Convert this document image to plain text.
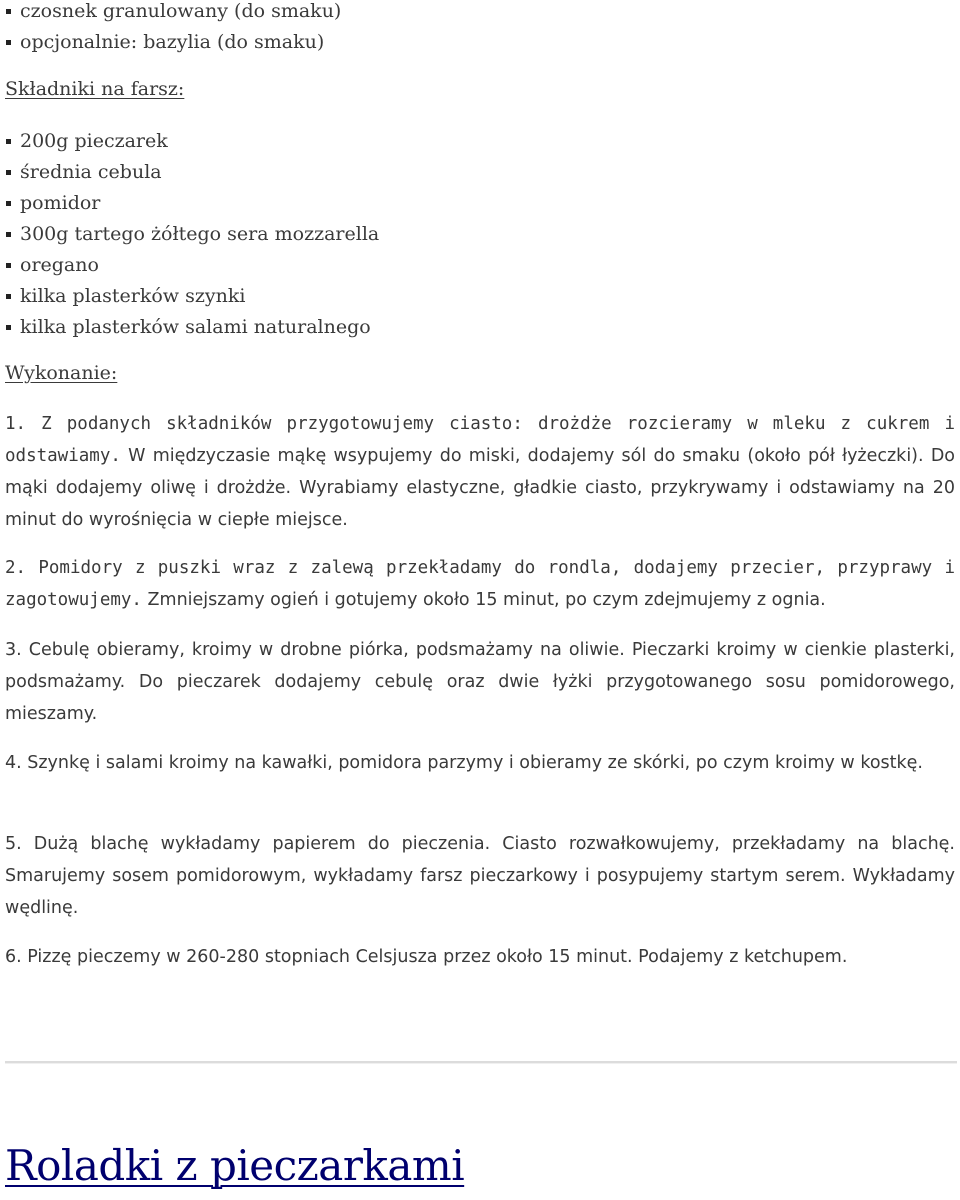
czosnek granulowany (do smaku)
opcjonalnie: bazylia (do smaku)
Składniki na farsz:
200g pieczarek
średnia cebula
pomidor
300g tartego żółtego sera mozzarella
oregano
kilka plasterków szynki
kilka plasterków salami naturalnego
Wykonanie:

1. Z podanych składników przygotowujemy ciasto: drożdże rozcieramy w mleku z cukrem i odstawiamy. W międzyczasie mąkę wsypujemy do miski, dodajemy sól do smaku (około pół łyżeczki). Do mąki dodajemy oliwę i drożdże. Wyrabiamy elastyczne, gładkie ciasto, przykrywamy i odstawiamy na 20 minut do wyrośnięcia w ciepłe miejsce.

2. Pomidory z puszki wraz z zalewą przekładamy do rondla, dodajemy przecier, przyprawy i zagotowujemy. Zmniejszamy ogień i gotujemy około 15 minut, po czym zdejmujemy z ognia.

3. Cebulę obieramy, kroimy w drobne piórka, podsmażamy na oliwie. Pieczarki kroimy w cienkie plasterki, podsmażamy. Do pieczarek dodajemy cebulę oraz dwie łyżki przygotowanego sosu pomidorowego, mieszamy.

4. Szynkę i salami kroimy na kawałki, pomidora parzymy i obieramy ze skórki, po czym kroimy w kostkę.

5. Dużą blachę wykładamy papierem do pieczenia. Ciasto rozwałkowujemy, przekładamy na blachę. Smarujemy sosem pomidorowym, wykładamy farsz pieczarkowy i posypujemy startym serem. Wykładamy wędlinę.

6. Pizzę pieczemy w 260-280 stopniach Celsjusza przez około 15 minut. Podajemy z ketchupem.

Roladki z pieczarkami
